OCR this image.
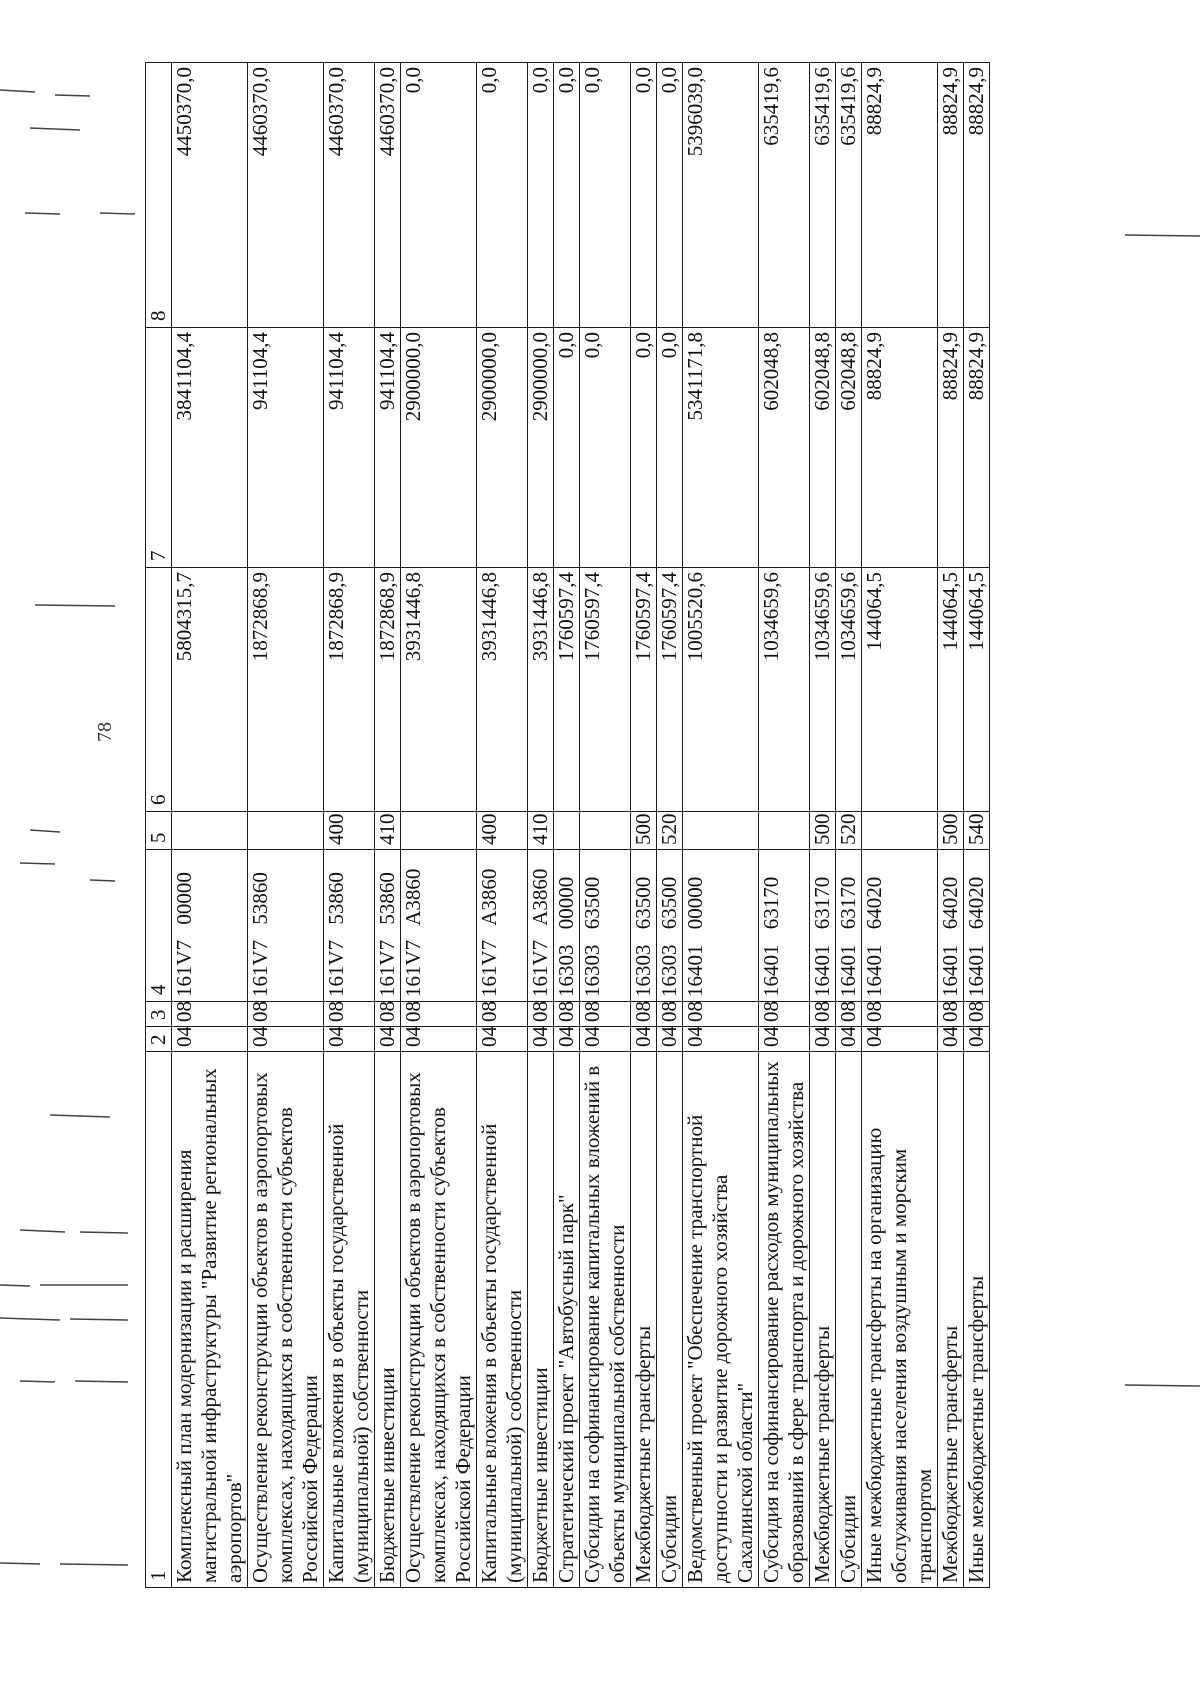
78
1	2	3	4	5	6	7	8
Комплексный план модернизации и расширения магистральной инфраструктуры "Развитие региональных аэропортов"	04	08	161V7 00000		5804315,7	3841104,4	4450370,0
Осуществление реконструкции объектов в аэропортовых комплексах, находящихся в собственности субъектов Российской Федерации	04	08	161V7 53860		1872868,9	941104,4	4460370,0
Капитальные вложения в объекты государственной (муниципальной) собственности	04	08	161V7 53860	400	1872868,9	941104,4	4460370,0
Бюджетные инвестиции	04	08	161V7 53860	410	1872868,9	941104,4	4460370,0
Осуществление реконструкции объектов в аэропортовых комплексах, находящихся в собственности субъектов Российской Федерации	04	08	161V7 A3860		3931446,8	2900000,0	0,0
Капитальные вложения в объекты государственной (муниципальной) собственности	04	08	161V7 A3860	400	3931446,8	2900000,0	0,0
Бюджетные инвестиции	04	08	161V7 A3860	410	3931446,8	2900000,0	0,0
Стратегический проект "Автобусный парк"	04	08	16303 00000		1760597,4	0,0	0,0
Субсидии на софинансирование капитальных вложений в объекты муниципальной собственности	04	08	16303 63500		1760597,4	0,0	0,0
Межбюджетные трансферты	04	08	16303 63500	500	1760597,4	0,0	0,0
Субсидии	04	08	16303 63500	520	1760597,4	0,0	0,0
Ведомственный проект "Обеспечение транспортной доступности и развитие дорожного хозяйства Сахалинской области"	04	08	16401 00000		1005520,6	5341171,8	5396039,0
Субсидия на софинансирование расходов муниципальных образований в сфере транспорта и дорожного хозяйства	04	08	16401 63170		1034659,6	602048,8	635419,6
Межбюджетные трансферты	04	08	16401 63170	500	1034659,6	602048,8	635419,6
Субсидии	04	08	16401 63170	520	1034659,6	602048,8	635419,6
Иные межбюджетные трансферты на организацию обслуживания населения воздушным и морским транспортом	04	08	16401 64020		144064,5	88824,9	88824,9
Межбюджетные трансферты	04	08	16401 64020	500	144064,5	88824,9	88824,9
Иные межбюджетные трансферты	04	08	16401 64020	540	144064,5	88824,9	88824,9
